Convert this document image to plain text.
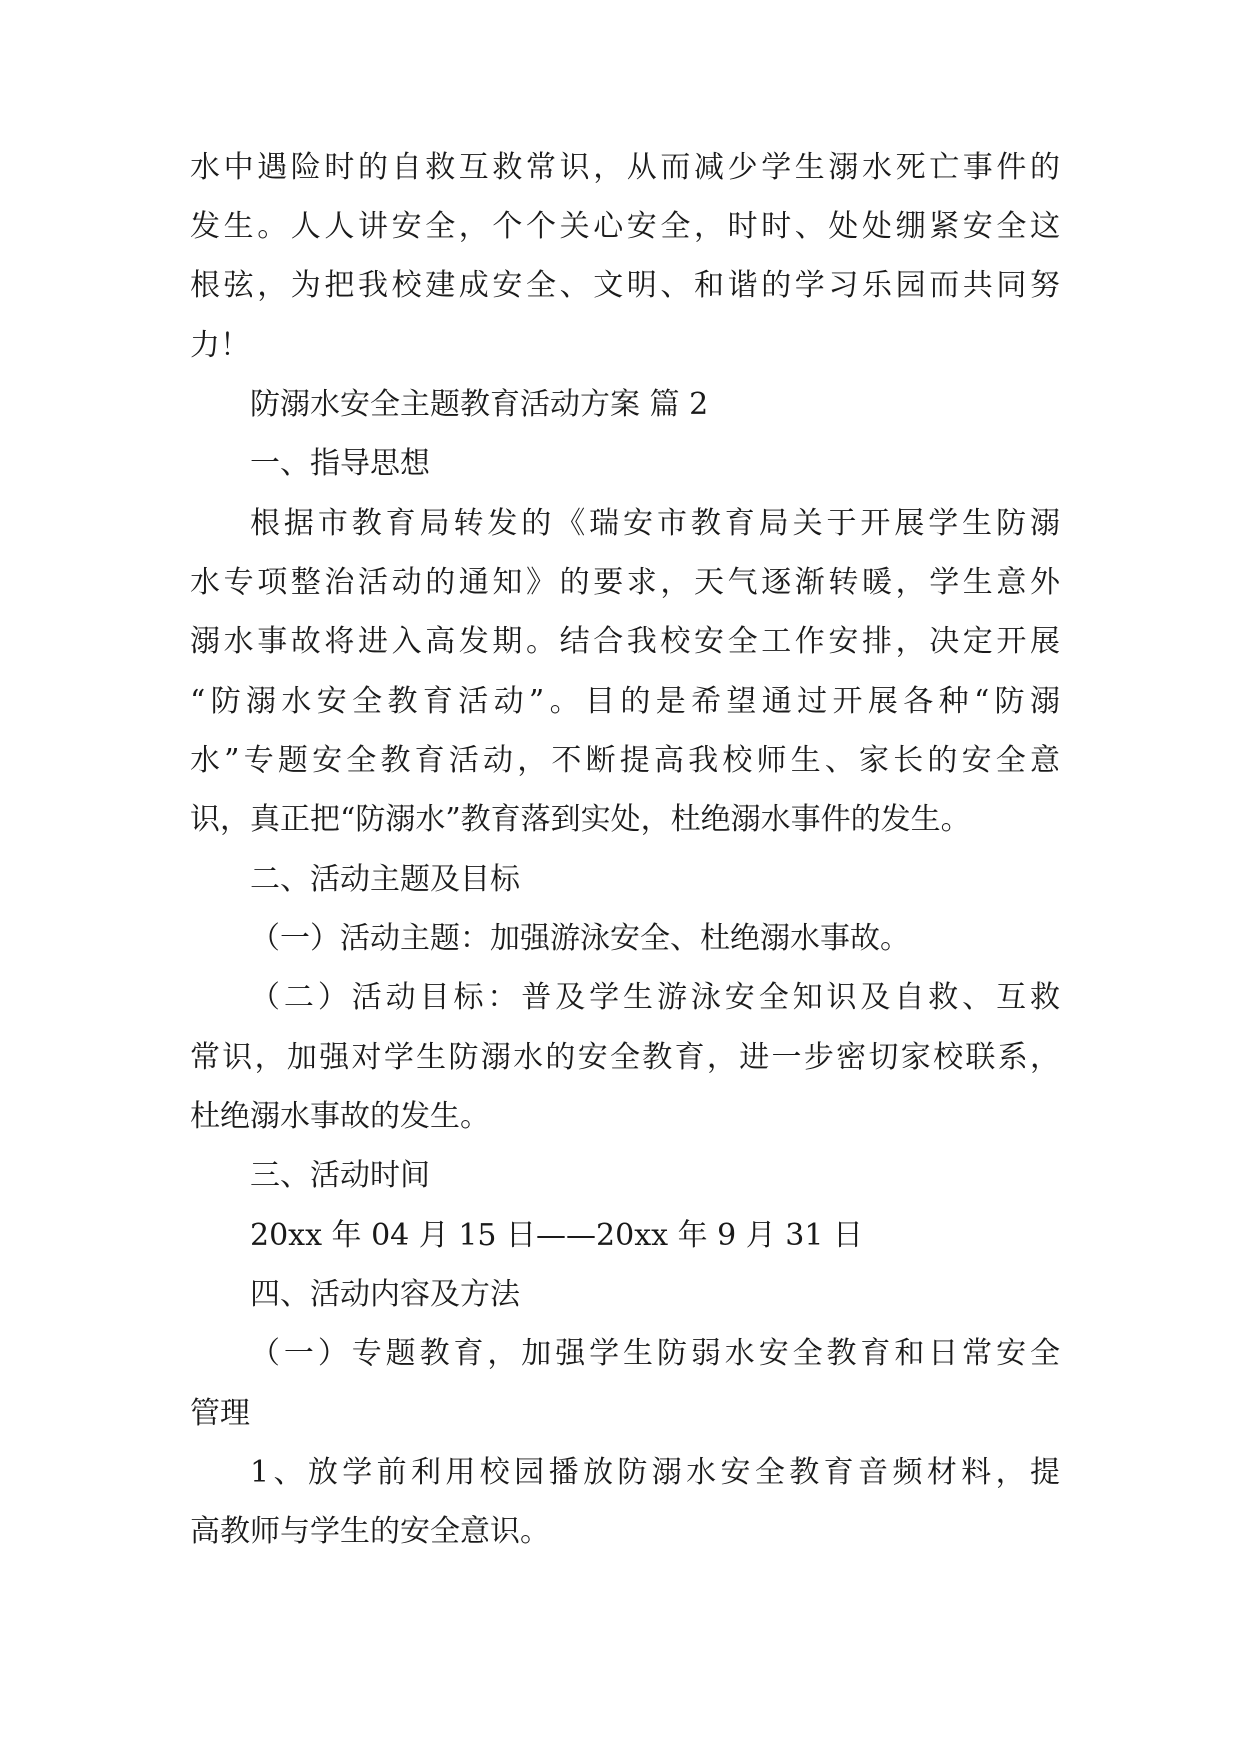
水中遇险时的自救互救常识，从而减少学生溺水死亡事件的
发生。人人讲安全，个个关心安全，时时、处处绷紧安全这
根弦，为把我校建成安全、文明、和谐的学习乐园而共同努
力！
防溺水安全主题教育活动方案 篇 2
一、指导思想
根据市教育局转发的《瑞安市教育局关于开展学生防溺
水专项整治活动的通知》的要求，天气逐渐转暖，学生意外
溺水事故将进入高发期。结合我校安全工作安排，决定开展
“防溺水安全教育活动”。目的是希望通过开展各种“防溺
水”专题安全教育活动，不断提高我校师生、家长的安全意
识，真正把“防溺水”教育落到实处，杜绝溺水事件的发生。
二、活动主题及目标
（一）活动主题：加强游泳安全、杜绝溺水事故。
（二）活动目标：普及学生游泳安全知识及自救、互救
常识，加强对学生防溺水的安全教育，进一步密切家校联系，
杜绝溺水事故的发生。
三、活动时间
20xx 年 04 月 15 日——20xx 年 9 月 31 日
四、活动内容及方法
（一）专题教育，加强学生防弱水安全教育和日常安全
管理
1、放学前利用校园播放防溺水安全教育音频材料，提
高教师与学生的安全意识。
